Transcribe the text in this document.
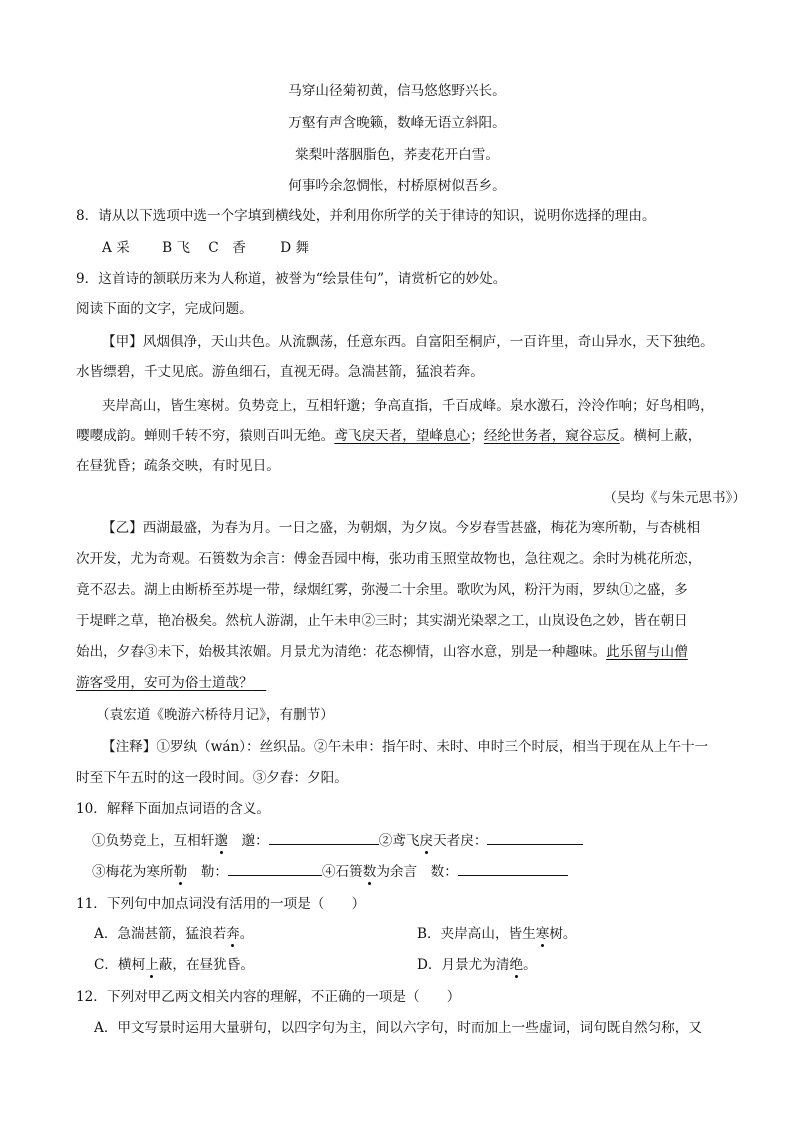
马穿山径菊初黄，信马悠悠野兴长。
万壑有声含晚籁，数峰无语立斜阳。
棠梨叶落胭脂色，荞麦花开白雪。
何事吟余忽惆怅，村桥原树似吾乡。
8．请从以下选项中选一个字填到横线处，并利用你所学的关于律诗的知识，说明你选择的理由。
A 采 B 飞 C　香	D 舞
9．这首诗的颔联历来为人称道，被誉为“绘景佳句”，请赏析它的妙处。
阅读下面的文字，完成问题。
【甲】风烟俱净，天山共色。从流飘荡，任意东西。自富阳至桐庐，一百许里，奇山异水，天下独绝。
水皆缥碧，千丈见底。游鱼细石，直视无碍。急湍甚箭，猛浪若奔。
夹岸高山，皆生寒树。负势竞上，互相轩邈；争高直指，千百成峰。泉水激石，泠泠作响；好鸟相鸣，
嘤嘤成韵。蝉则千转不穷，猿则百叫无绝。鸢飞戾天者，望峰息心；经纶世务者，窥谷忘反。横柯上蔽，
在昼犹昏；疏条交映，有时见日。
（吴均《与朱元思书》）
【乙】西湖最盛，为春为月。一日之盛，为朝烟，为夕岚。今岁春雪甚盛，梅花为寒所勒，与杏桃相
次开发，尤为奇观。石篑数为余言：傅金吾园中梅，张功甫玉照堂故物也，急往观之。余时为桃花所恋，
竟不忍去。湖上由断桥至苏堤一带，绿烟红雾，弥漫二十余里。歌吹为风，粉汗为雨，罗纨①之盛，多
于堤畔之草，艳冶极矣。然杭人游湖，止午未申②三时；其实湖光染翠之工，山岚设色之妙，皆在朝日
始出，夕舂③未下，始极其浓媚。月景尤为清绝：花态柳情，山容水意，别是一种趣味。此乐留与山僧
游客受用，安可为俗士道哉？ 
（袁宏道《晚游六桥待月记》，有删节）
【注释】①罗纨（wán）：丝织品。②午未申：指午时、未时、申时三个时辰，相当于现在从上午十一
时至下午五时的这一段时间。③夕舂：夕阳。
10．解释下面加点词语的含义。
①负势竞上，互相轩邈　邈：	②鸢飞戾天者戾：
③梅花为寒所勒　勒：	④石篑数为余言　数：
11．下列句中加点词没有活用的一项是（　　）
A．急湍甚箭，猛浪若奔。	B．夹岸高山，皆生寒树。
C．横柯上蔽，在昼犹昏。	D．月景尤为清绝。
12．下列对甲乙两文相关内容的理解，不正确的一项是（　　）
A．甲文写景时运用大量骈句，以四字句为主，间以六字句，时而加上一些虚词，词句既自然匀称，又
